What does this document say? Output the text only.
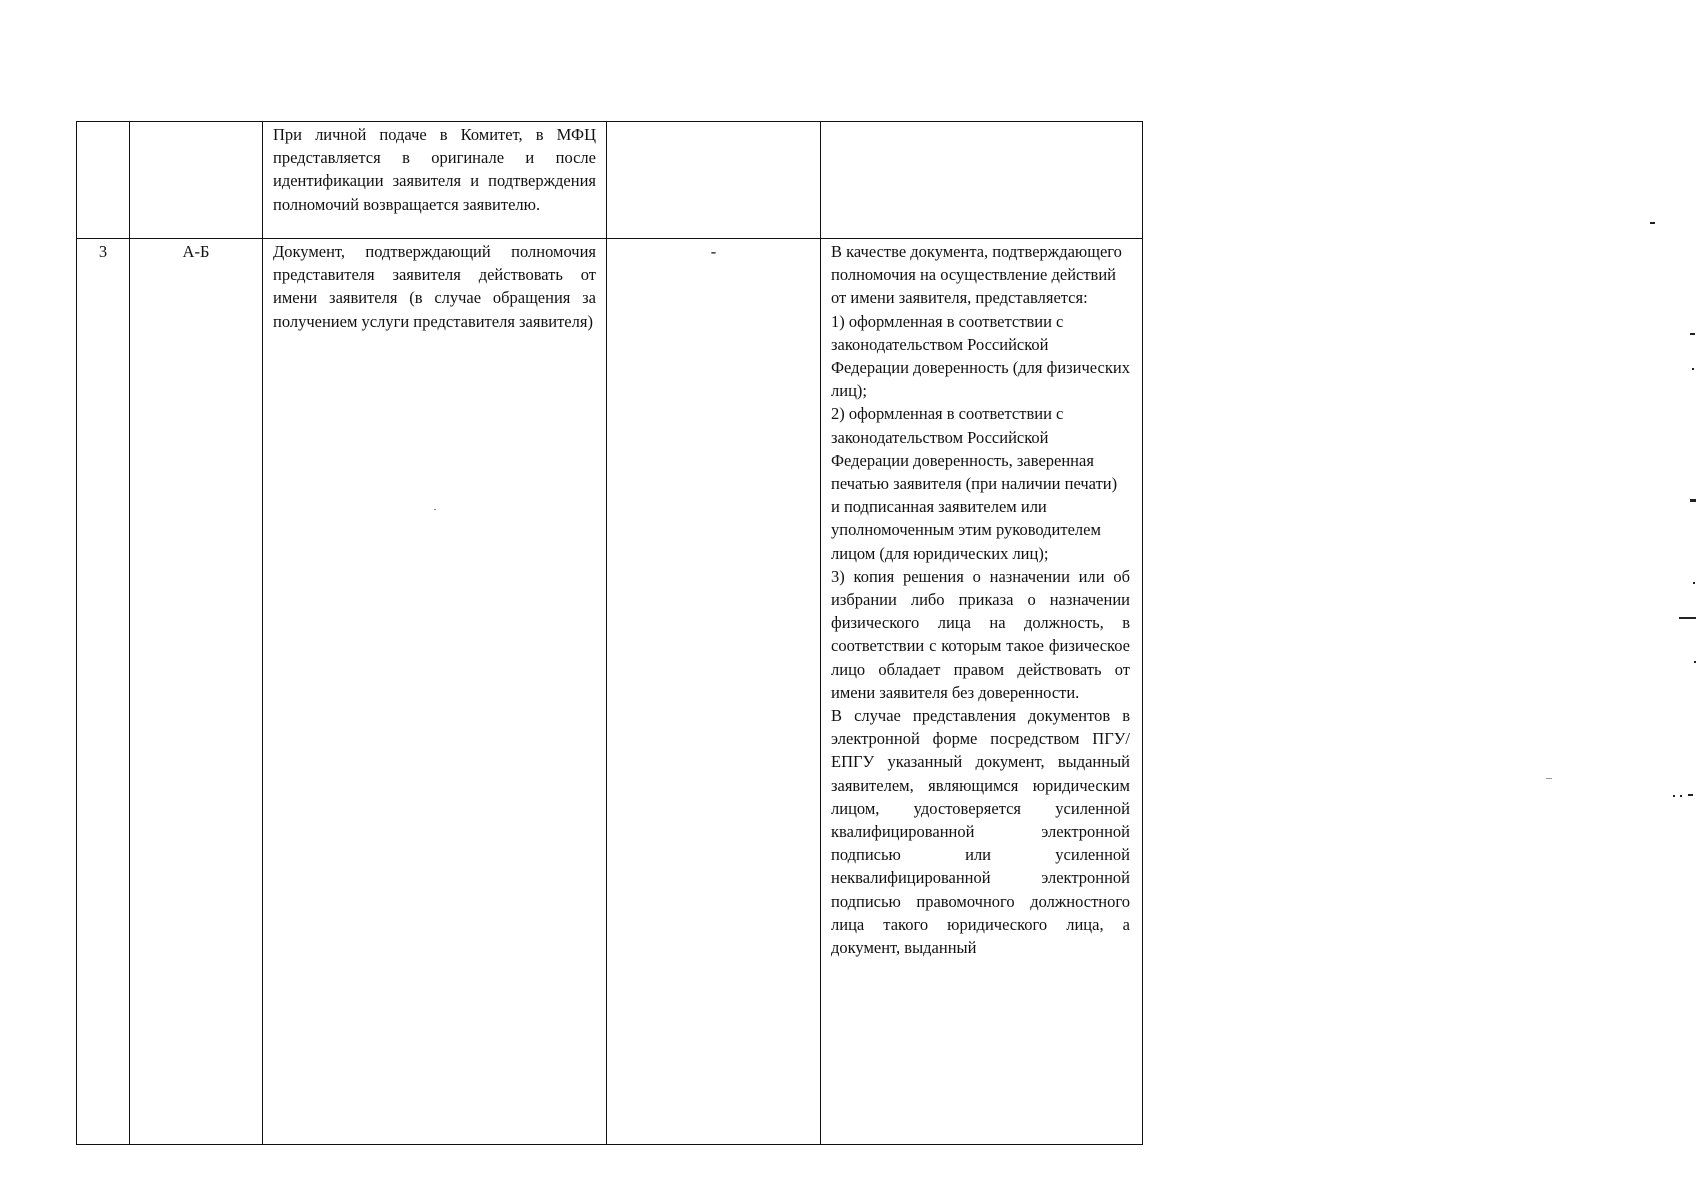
		При личной подаче в Комитет, в МФЦ представляется в оригинале и после идентификации заявителя и подтверждения полномочий возвращается заявителю.		
3	А-Б	Документ, подтверждающий полномочия представителя заявителя действовать от имени заявителя (в случае обращения за получением услуги представителя заявителя)	-	В качестве документа, подтверждающего полномочия на осуществление действий от имени заявителя, представляется:
1) оформленная в соответствии с законодательством Российской Федерации доверенность (для физических лиц);
2) оформленная в соответствии с законодательством Российской Федерации доверенность, заверенная печатью заявителя (при наличии печати) и подписанная заявителем или уполномоченным этим руководителем лицом (для юридических лиц);
3) копия решения о назначении или об избрании либо приказа о назначении физического лица на должность, в соответствии с которым такое физическое лицо обладает правом действовать от имени заявителя без доверенности.
В случае представления документов в электронной форме посредством ПГУ/ЕПГУ указанный документ, выданный заявителем, являющимся юридическим лицом, удостоверяется усиленной квалифицированной электронной подписью или усиленной неквалифицированной электронной подписью правомочного должностного лица такого юридического лица, а документ, выданный
